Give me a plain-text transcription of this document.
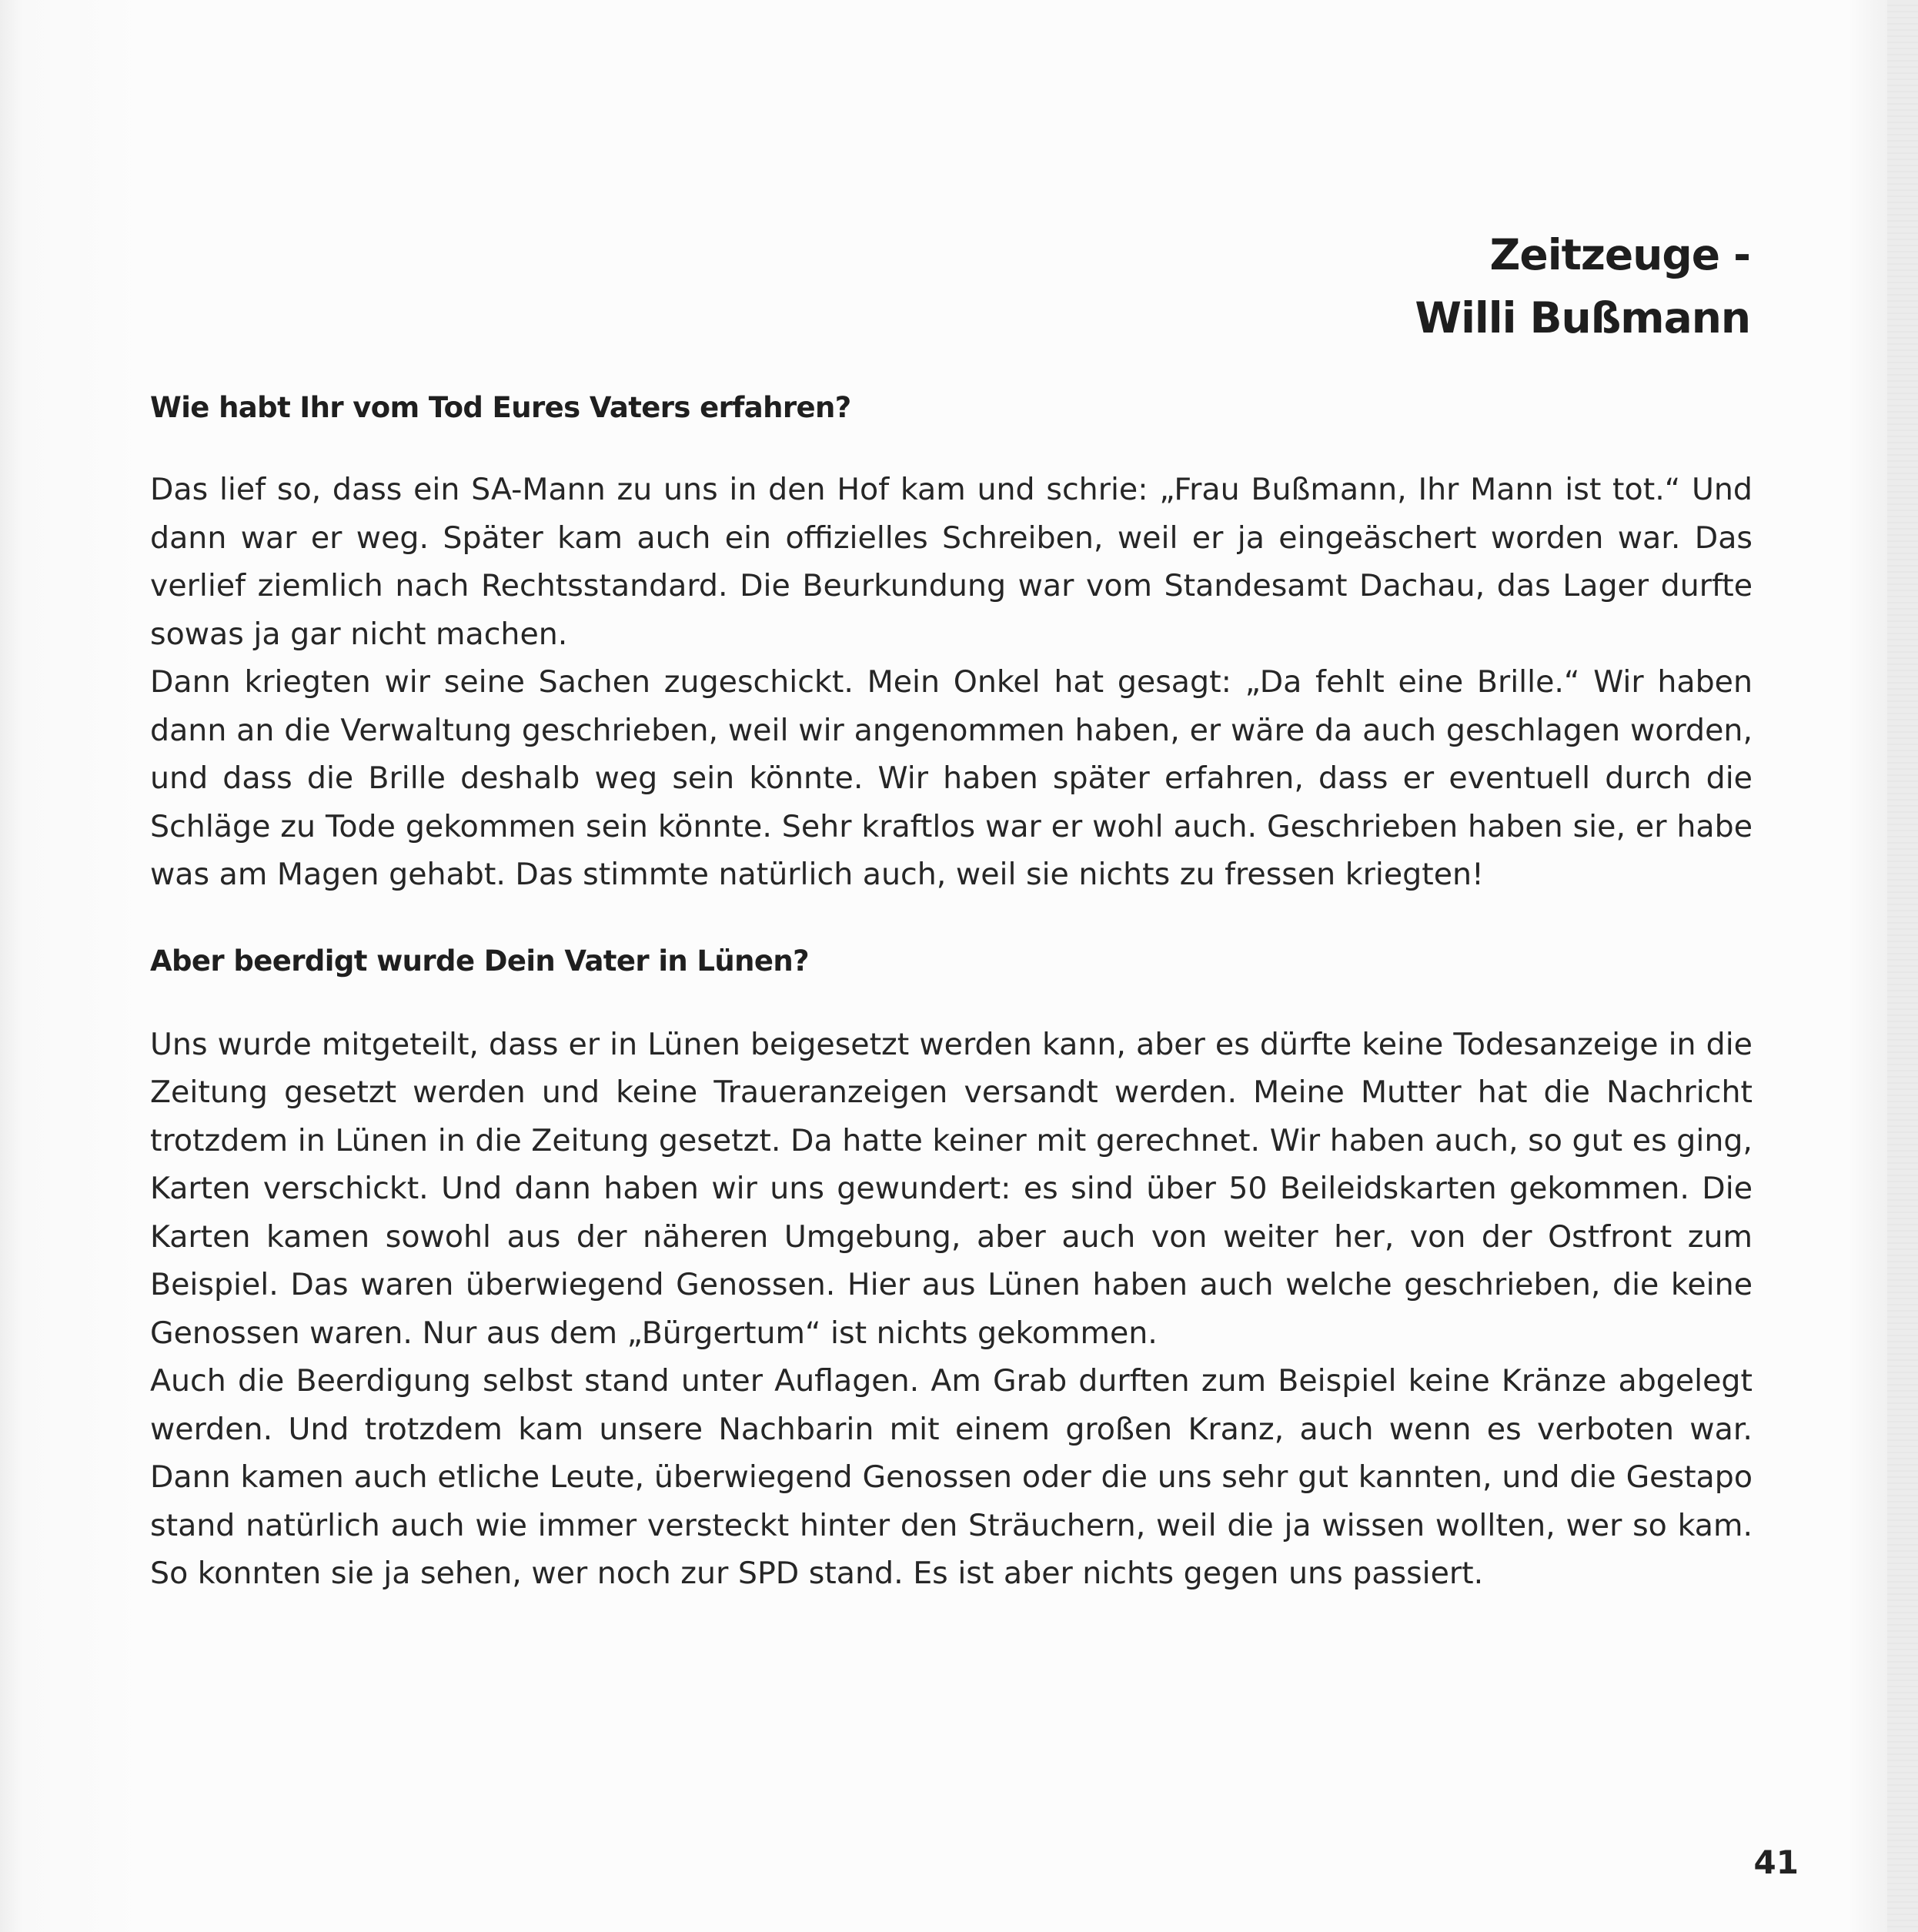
Zeitzeuge -
Willi Bußmann
Wie habt Ihr vom Tod Eures Vaters erfahren?

Das lief so, dass ein SA-Mann zu uns in den Hof kam und schrie: „Frau Bußmann, Ihr Mann ist tot.“ Und dann war er weg. Später kam auch ein offizielles Schreiben, weil er ja eingeäschert worden war. Das verlief ziemlich nach Rechtsstandard. Die Beurkundung war vom Standesamt Dachau, das Lager durfte sowas ja gar nicht machen.

Dann kriegten wir seine Sachen zugeschickt. Mein Onkel hat gesagt: „Da fehlt eine Brille.“ Wir haben dann an die Verwaltung geschrieben, weil wir angenommen haben, er wäre da auch geschlagen worden, und dass die Brille deshalb weg sein könnte. Wir haben später erfahren, dass er eventuell durch die Schläge zu Tode gekommen sein könnte. Sehr kraftlos war er wohl auch. Geschrieben haben sie, er habe was am Magen gehabt. Das stimmte natürlich auch, weil sie nichts zu fressen kriegten!

Aber beerdigt wurde Dein Vater in Lünen?

Uns wurde mitgeteilt, dass er in Lünen beigesetzt werden kann, aber es dürfte keine Todesanzeige in die Zeitung gesetzt werden und keine Traueranzeigen versandt werden. Meine Mutter hat die Nachricht trotzdem in Lünen in die Zeitung gesetzt. Da hatte keiner mit gerechnet. Wir haben auch, so gut es ging, Karten verschickt. Und dann haben wir uns gewundert: es sind über 50 Beileidskarten gekommen. Die Karten kamen sowohl aus der näheren Umgebung, aber auch von weiter her, von der Ostfront zum Beispiel. Das waren überwiegend Genossen. Hier aus Lünen haben auch welche geschrieben, die keine Genossen waren. Nur aus dem „Bürgertum“ ist nichts gekommen.

Auch die Beerdigung selbst stand unter Auflagen. Am Grab durften zum Beispiel keine Kränze abgelegt werden. Und trotzdem kam unsere Nachbarin mit einem großen Kranz, auch wenn es verboten war. Dann kamen auch etliche Leute, überwiegend Genossen oder die uns sehr gut kannten, und die Gestapo stand natürlich auch wie immer versteckt hinter den Sträuchern, weil die ja wissen wollten, wer so kam. So konnten sie ja sehen, wer noch zur SPD stand. Es ist aber nichts gegen uns passiert.

41
